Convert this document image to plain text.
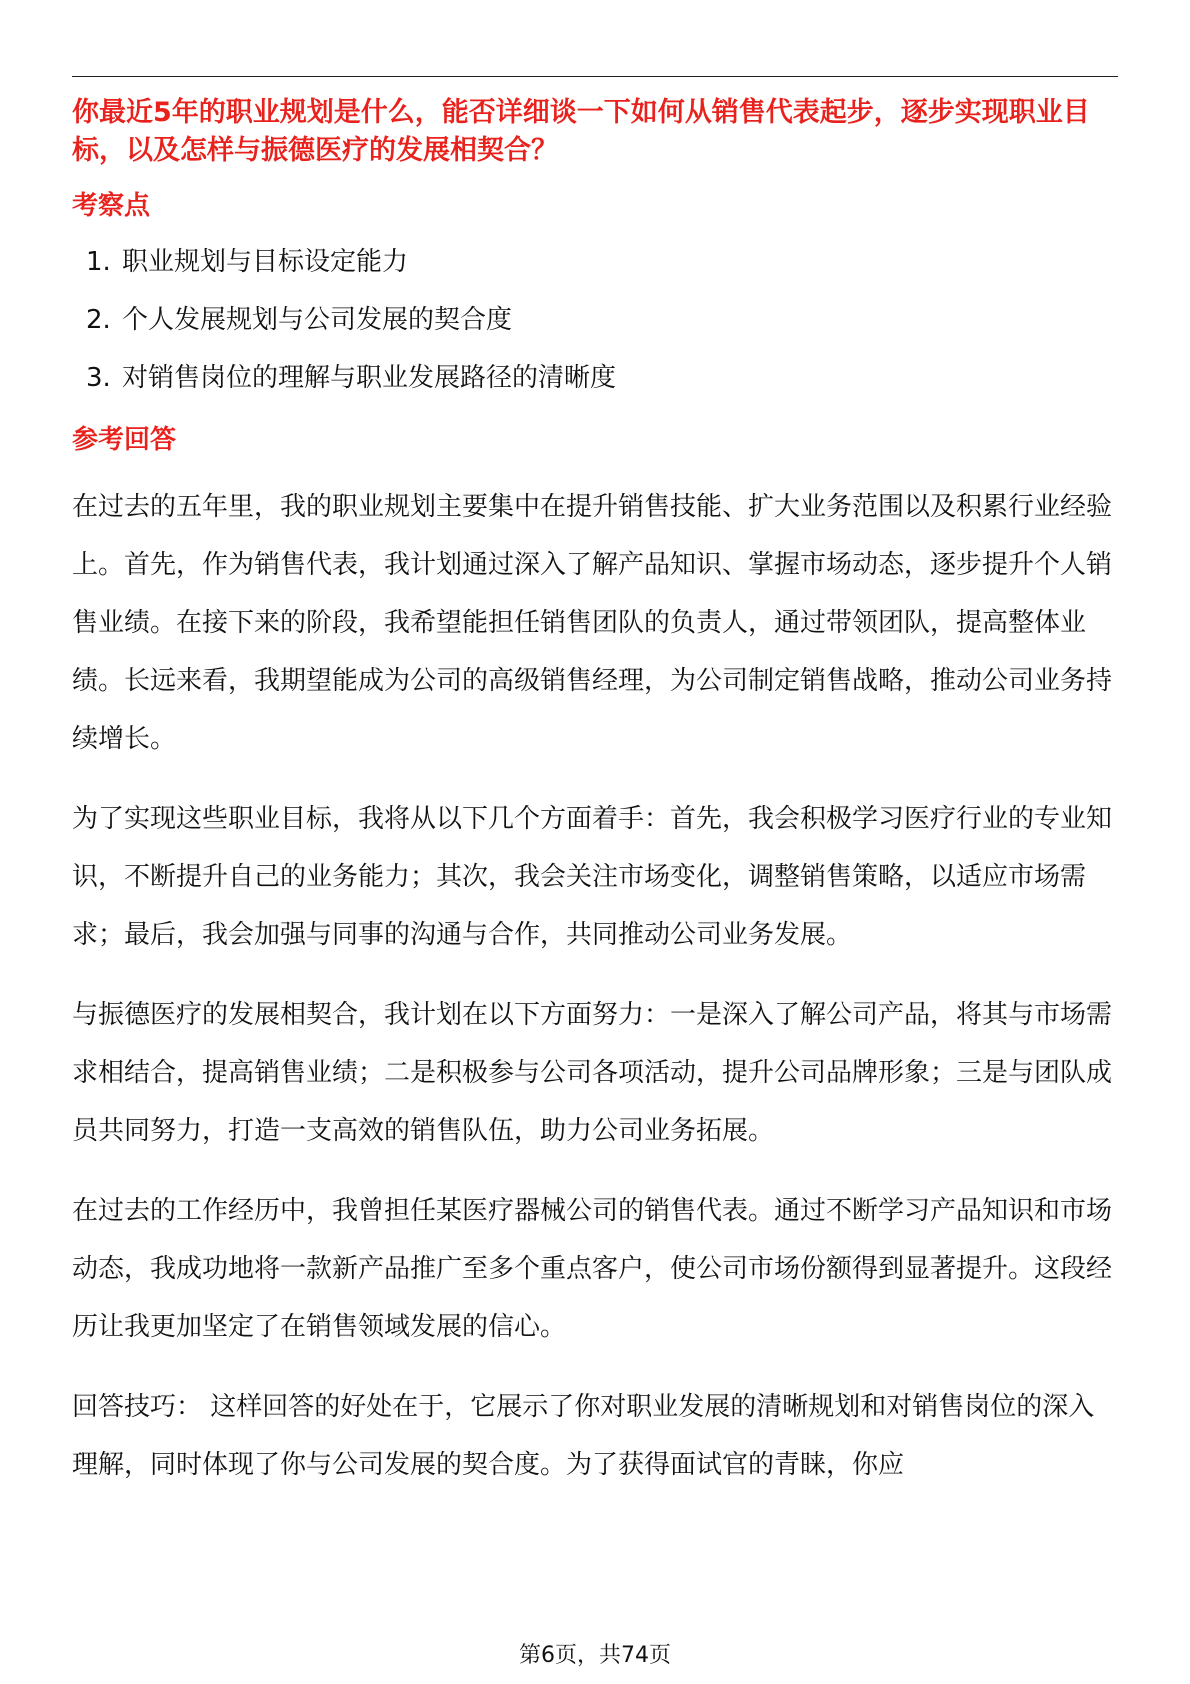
你最近5年的职业规划是什么，能否详细谈一下如何从销售代表起步，逐步实现职业目标，以及怎样与振德医疗的发展相契合？
考察点
1. 职业规划与目标设定能力
2. 个人发展规划与公司发展的契合度
3. 对销售岗位的理解与职业发展路径的清晰度
参考回答

在过去的五年里，我的职业规划主要集中在提升销售技能、扩大业务范围以及积累行业经验上。首先，作为销售代表，我计划通过深入了解产品知识、掌握市场动态，逐步提升个人销售业绩。在接下来的阶段，我希望能担任销售团队的负责人，通过带领团队，提高整体业绩。长远来看，我期望能成为公司的高级销售经理，为公司制定销售战略，推动公司业务持续增长。

为了实现这些职业目标，我将从以下几个方面着手：首先，我会积极学习医疗行业的专业知识，不断提升自己的业务能力；其次，我会关注市场变化，调整销售策略，以适应市场需求；最后，我会加强与同事的沟通与合作，共同推动公司业务发展。

与振德医疗的发展相契合，我计划在以下方面努力：一是深入了解公司产品，将其与市场需求相结合，提高销售业绩；二是积极参与公司各项活动，提升公司品牌形象；三是与团队成员共同努力，打造一支高效的销售队伍，助力公司业务拓展。

在过去的工作经历中，我曾担任某医疗器械公司的销售代表。通过不断学习产品知识和市场动态，我成功地将一款新产品推广至多个重点客户，使公司市场份额得到显著提升。这段经历让我更加坚定了在销售领域发展的信心。

回答技巧： 这样回答的好处在于，它展示了你对职业发展的清晰规划和对销售岗位的深入理解，同时体现了你与公司发展的契合度。为了获得面试官的青睐，你应

第6页，共74页
